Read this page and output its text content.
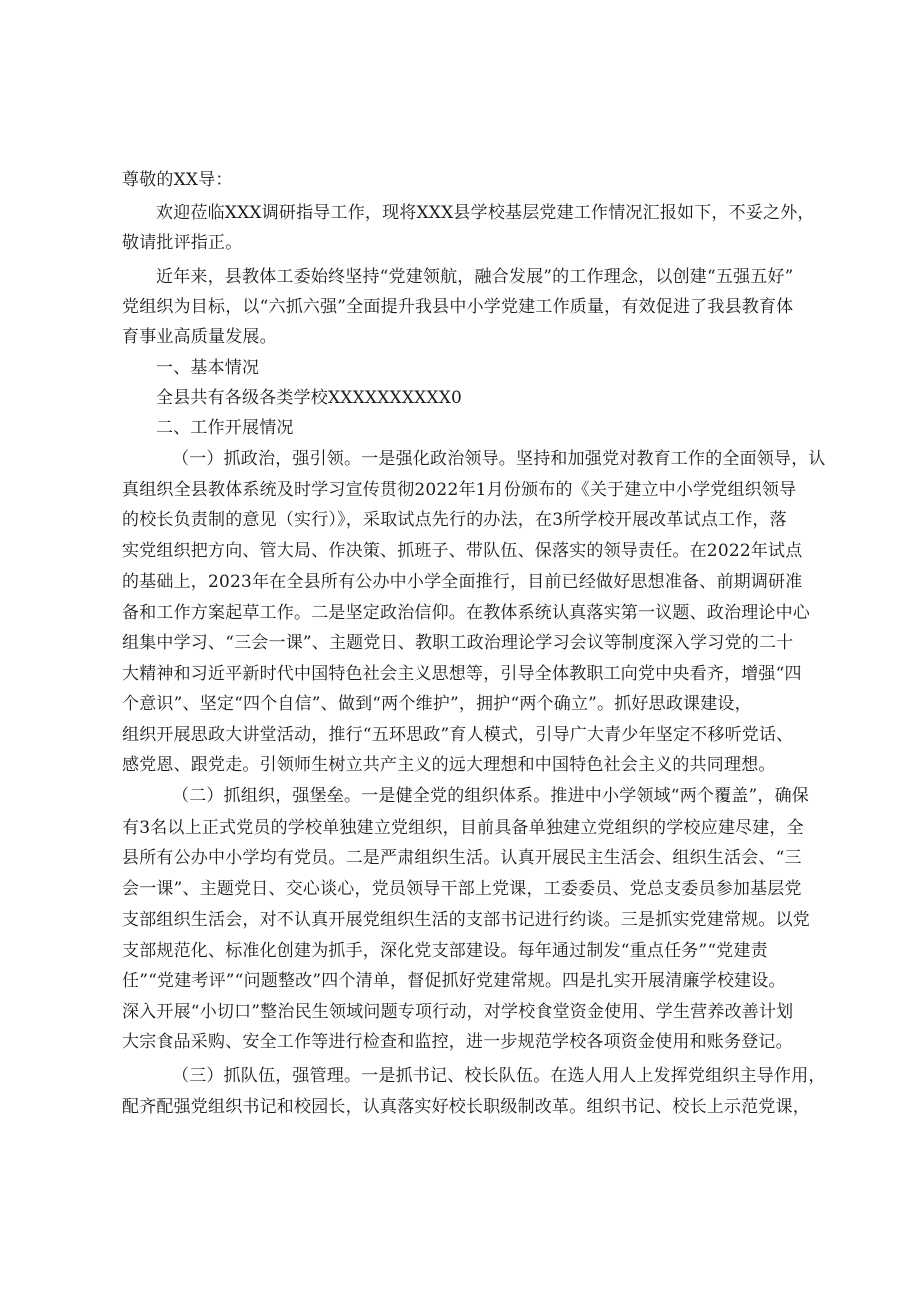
尊敬的XX导：
欢迎莅临XXX调研指导工作，现将XXX县学校基层党建工作情况汇报如下，不妥之外，
敬请批评指正。
近年来，县教体工委始终坚持“党建领航，融合发展”的工作理念，以创建“五强五好”
党组织为目标，以“六抓六强”全面提升我县中小学党建工作质量，有效促进了我县教育体
育事业高质量发展。
一、基本情况
全县共有各级各类学校XXXXXXXXXX0
二、工作开展情况
（一）抓政治，强引领。一是强化政治领导。坚持和加强党对教育工作的全面领导，认
真组织全县教体系统及时学习宣传贯彻2022年1月份颁布的《关于建立中小学党组织领导
的校长负责制的意见（实行）》，采取试点先行的办法，在3所学校开展改革试点工作，落
实党组织把方向、管大局、作决策、抓班子、带队伍、保落实的领导责任。在2022年试点
的基础上，2023年在全县所有公办中小学全面推行，目前已经做好思想准备、前期调研准
备和工作方案起草工作。二是坚定政治信仰。在教体系统认真落实第一议题、政治理论中心
组集中学习、“三会一课”、主题党日、教职工政治理论学习会议等制度深入学习党的二十
大精神和习近平新时代中国特色社会主义思想等，引导全体教职工向党中央看齐，增强“四
个意识”、坚定“四个自信”、做到“两个维护”，拥护“两个确立”。抓好思政课建设，
组织开展思政大讲堂活动，推行“五环思政”育人模式，引导广大青少年坚定不移听党话、
感党恩、跟党走。引领师生树立共产主义的远大理想和中国特色社会主义的共同理想。
（二）抓组织，强堡垒。一是健全党的组织体系。推进中小学领域“两个覆盖”，确保
有3名以上正式党员的学校单独建立党组织，目前具备单独建立党组织的学校应建尽建，全
县所有公办中小学均有党员。二是严肃组织生活。认真开展民主生活会、组织生活会、“三
会一课”、主题党日、交心谈心，党员领导干部上党课，工委委员、党总支委员参加基层党
支部组织生活会，对不认真开展党组织生活的支部书记进行约谈。三是抓实党建常规。以党
支部规范化、标准化创建为抓手，深化党支部建设。每年通过制发“重点任务”“党建责
任”“党建考评”“问题整改”四个清单，督促抓好党建常规。四是扎实开展清廉学校建设。
深入开展“小切口”整治民生领域问题专项行动，对学校食堂资金使用、学生营养改善计划
大宗食品采购、安全工作等进行检查和监控，进一步规范学校各项资金使用和账务登记。
（三）抓队伍，强管理。一是抓书记、校长队伍。在选人用人上发挥党组织主导作用，
配齐配强党组织书记和校园长，认真落实好校长职级制改革。组织书记、校长上示范党课，
